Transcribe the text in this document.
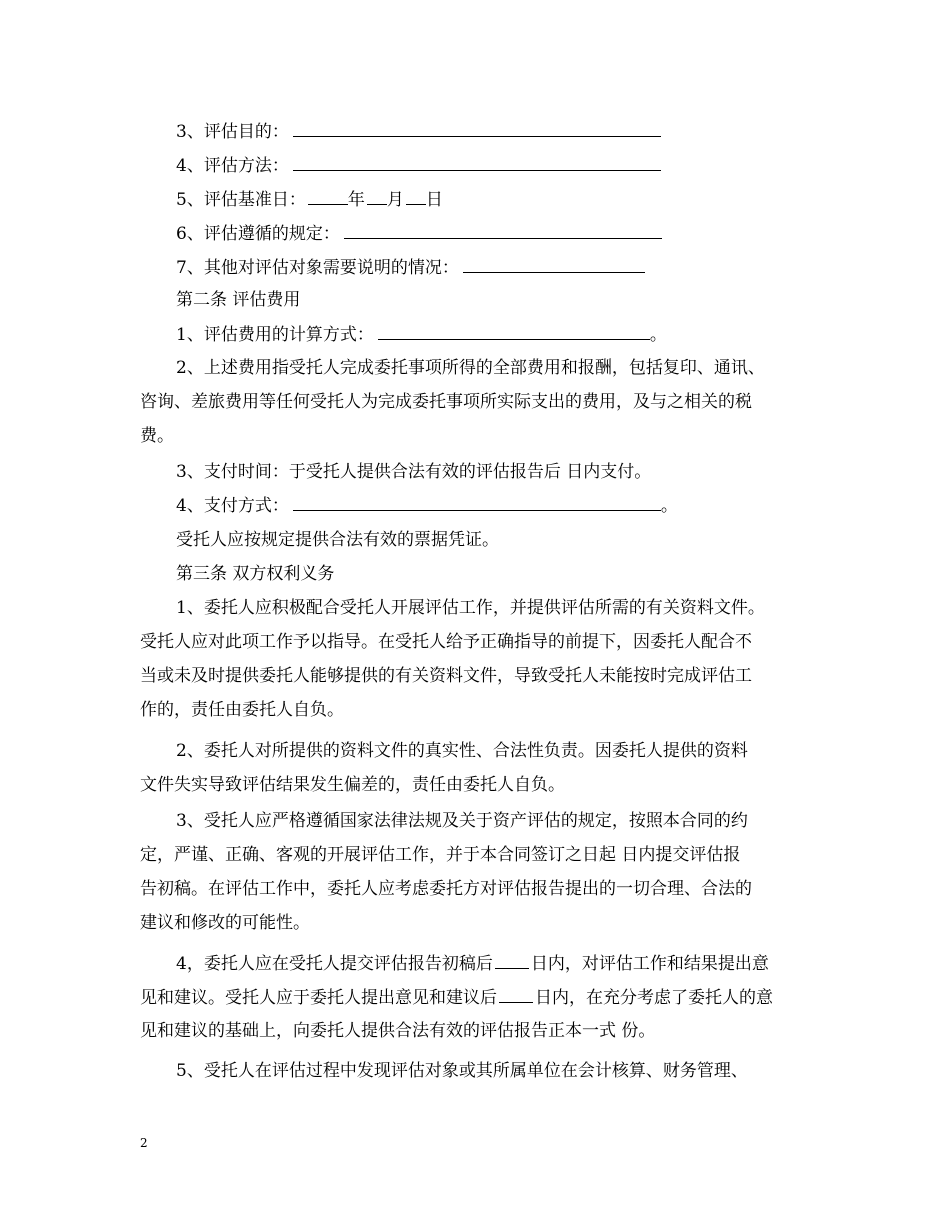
3、评估目的：
4、评估方法：
5、评估基准日： 年 月 日
6、评估遵循的规定：
7、其他对评估对象需要说明的情况：
第二条 评估费用
1、评估费用的计算方式：	。
2、上述费用指受托人完成委托事项所得的全部费用和报酬，包括复印、通讯、
咨询、差旅费用等任何受托人为完成委托事项所实际支出的费用，及与之相关的税
费。
3、支付时间：于受托人提供合法有效的评估报告后 日内支付。
4、支付方式：	。
受托人应按规定提供合法有效的票据凭证。
第三条 双方权利义务
1、委托人应积极配合受托人开展评估工作，并提供评估所需的有关资料文件。
受托人应对此项工作予以指导。在受托人给予正确指导的前提下，因委托人配合不
当或未及时提供委托人能够提供的有关资料文件，导致受托人未能按时完成评估工
作的，责任由委托人自负。
2、委托人对所提供的资料文件的真实性、合法性负责。因委托人提供的资料
文件失实导致评估结果发生偏差的，责任由委托人自负。
3、受托人应严格遵循国家法律法规及关于资产评估的规定，按照本合同的约
定，严谨、正确、客观的开展评估工作，并于本合同签订之日起 日内提交评估报
告初稿。在评估工作中，委托人应考虑委托方对评估报告提出的一切合理、合法的
建议和修改的可能性。
4，委托人应在受托人提交评估报告初稿后 日内，对评估工作和结果提出意
见和建议。受托人应于委托人提出意见和建议后 日内，在充分考虑了委托人的意
见和建议的基础上，向委托人提供合法有效的评估报告正本一式 份。
5、受托人在评估过程中发现评估对象或其所属单位在会计核算、财务管理、
2
